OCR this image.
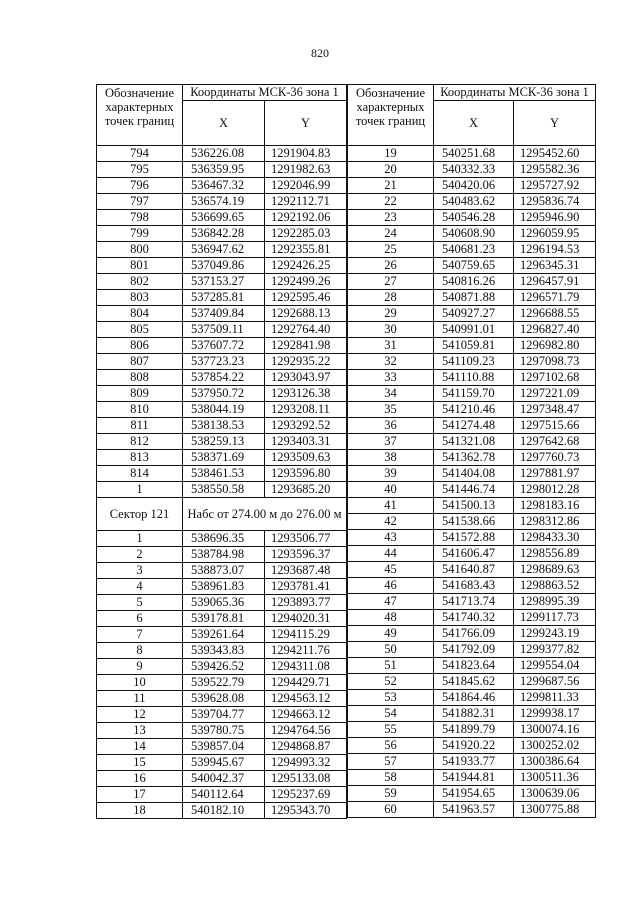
820
Обозначение характерных точек границ	Координаты МСК-36 зона 1	
	X	Y
794	536226.08	1291904.83
795	536359.95	1291982.63
796	536467.32	1292046.99
797	536574.19	1292112.71
798	536699.65	1292192.06
799	536842.28	1292285.03
800	536947.62	1292355.81
801	537049.86	1292426.25
802	537153.27	1292499.26
803	537285.81	1292595.46
804	537409.84	1292688.13
805	537509.11	1292764.40
806	537607.72	1292841.98
807	537723.23	1292935.22
808	537854.22	1293043.97
809	537950.72	1293126.38
810	538044.19	1293208.11
811	538138.53	1293292.52
812	538259.13	1293403.31
813	538371.69	1293509.63
814	538461.53	1293596.80
1	538550.58	1293685.20
Сектор 121	Набс от 274.00 м до 276.00 м	
1	538696.35	1293506.77
2	538784.98	1293596.37
3	538873.07	1293687.48
4	538961.83	1293781.41
5	539065.36	1293893.77
6	539178.81	1294020.31
7	539261.64	1294115.29
8	539343.83	1294211.76
9	539426.52	1294311.08
10	539522.79	1294429.71
11	539628.08	1294563.12
12	539704.77	1294663.12
13	539780.75	1294764.56
14	539857.04	1294868.87
15	539945.67	1294993.32
16	540042.37	1295133.08
17	540112.64	1295237.69
18	540182.10	1295343.70
Обозначение характерных точек границ	Координаты МСК-36 зона 1	
	X	Y
19	540251.68	1295452.60
20	540332.33	1295582.36
21	540420.06	1295727.92
22	540483.62	1295836.74
23	540546.28	1295946.90
24	540608.90	1296059.95
25	540681.23	1296194.53
26	540759.65	1296345.31
27	540816.26	1296457.91
28	540871.88	1296571.79
29	540927.27	1296688.55
30	540991.01	1296827.40
31	541059.81	1296982.80
32	541109.23	1297098.73
33	541110.88	1297102.68
34	541159.70	1297221.09
35	541210.46	1297348.47
36	541274.48	1297515.66
37	541321.08	1297642.68
38	541362.78	1297760.73
39	541404.08	1297881.97
40	541446.74	1298012.28
41	541500.13	1298183.16
42	541538.66	1298312.86
43	541572.88	1298433.30
44	541606.47	1298556.89
45	541640.87	1298689.63
46	541683.43	1298863.52
47	541713.74	1298995.39
48	541740.32	1299117.73
49	541766.09	1299243.19
50	541792.09	1299377.82
51	541823.64	1299554.04
52	541845.62	1299687.56
53	541864.46	1299811.33
54	541882.31	1299938.17
55	541899.79	1300074.16
56	541920.22	1300252.02
57	541933.77	1300386.64
58	541944.81	1300511.36
59	541954.65	1300639.06
60	541963.57	1300775.88
